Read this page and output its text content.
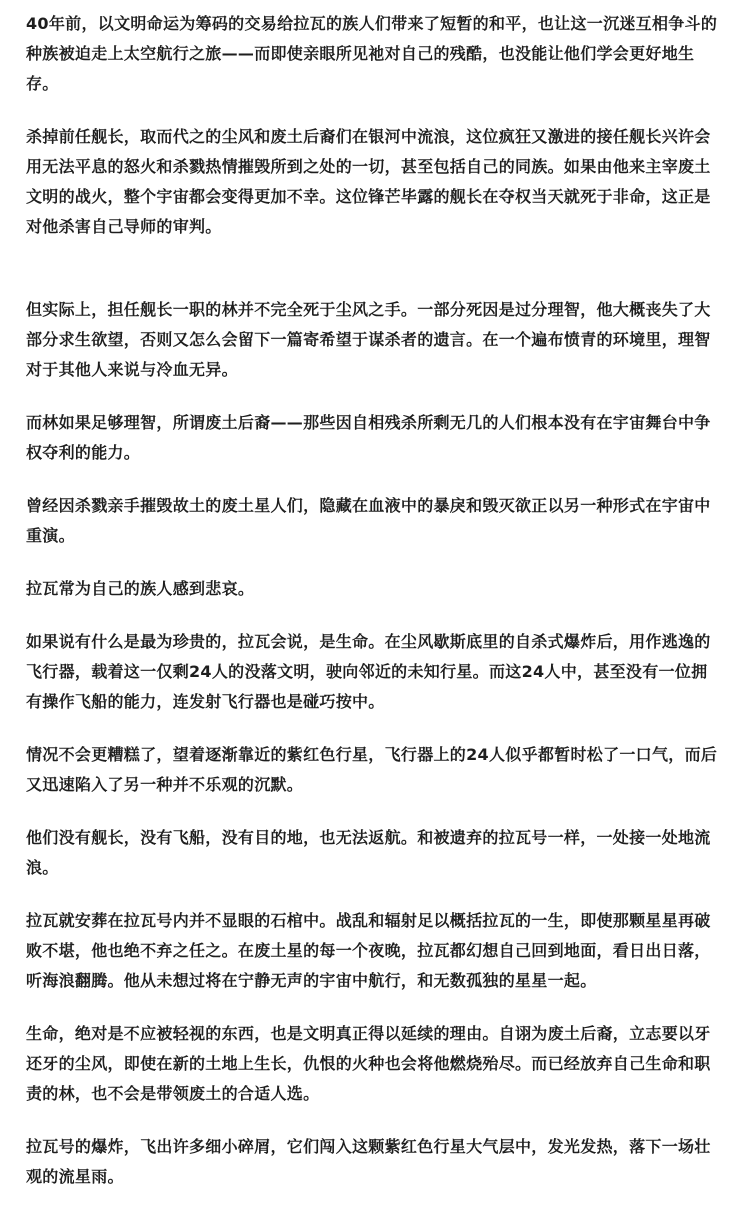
40年前，以文明命运为筹码的交易给拉瓦的族人们带来了短暂的和平，也让这一沉迷互相争斗的种族被迫走上太空航行之旅——而即使亲眼所见祂对自己的残酷，也没能让他们学会更好地生存。

杀掉前任舰长，取而代之的尘风和废土后裔们在银河中流浪，这位疯狂又激进的接任舰长兴许会用无法平息的怒火和杀戮热情摧毁所到之处的一切，甚至包括自己的同族。如果由他来主宰废土文明的战火，整个宇宙都会变得更加不幸。这位锋芒毕露的舰长在夺权当天就死于非命，这正是对他杀害自己导师的审判。

但实际上，担任舰长一职的林并不完全死于尘风之手。一部分死因是过分理智，他大概丧失了大部分求生欲望，否则又怎么会留下一篇寄希望于谋杀者的遗言。在一个遍布愤青的环境里，理智对于其他人来说与冷血无异。

而林如果足够理智，所谓废土后裔——那些因自相残杀所剩无几的人们根本没有在宇宙舞台中争权夺利的能力。

曾经因杀戮亲手摧毁故土的废土星人们，隐藏在血液中的暴戾和毁灭欲正以另一种形式在宇宙中重演。

拉瓦常为自己的族人感到悲哀。

如果说有什么是最为珍贵的，拉瓦会说，是生命。在尘风歇斯底里的自杀式爆炸后，用作逃逸的飞行器，载着这一仅剩24人的没落文明，驶向邻近的未知行星。而这24人中，甚至没有一位拥有操作飞船的能力，连发射飞行器也是碰巧按中。

情况不会更糟糕了，望着逐渐靠近的紫红色行星，飞行器上的24人似乎都暂时松了一口气，而后又迅速陷入了另一种并不乐观的沉默。

他们没有舰长，没有飞船，没有目的地，也无法返航。和被遗弃的拉瓦号一样，一处接一处地流浪。

拉瓦就安葬在拉瓦号内并不显眼的石棺中。战乱和辐射足以概括拉瓦的一生，即使那颗星星再破败不堪，他也绝不弃之任之。在废土星的每一个夜晚，拉瓦都幻想自己回到地面，看日出日落，听海浪翻腾。他从未想过将在宁静无声的宇宙中航行，和无数孤独的星星一起。

生命，绝对是不应被轻视的东西，也是文明真正得以延续的理由。自诩为废土后裔，立志要以牙还牙的尘风，即使在新的土地上生长，仇恨的火种也会将他燃烧殆尽。而已经放弃自己生命和职责的林，也不会是带领废土的合适人选。

拉瓦号的爆炸，飞出许多细小碎屑，它们闯入这颗紫红色行星大气层中，发光发热，落下一场壮观的流星雨。
